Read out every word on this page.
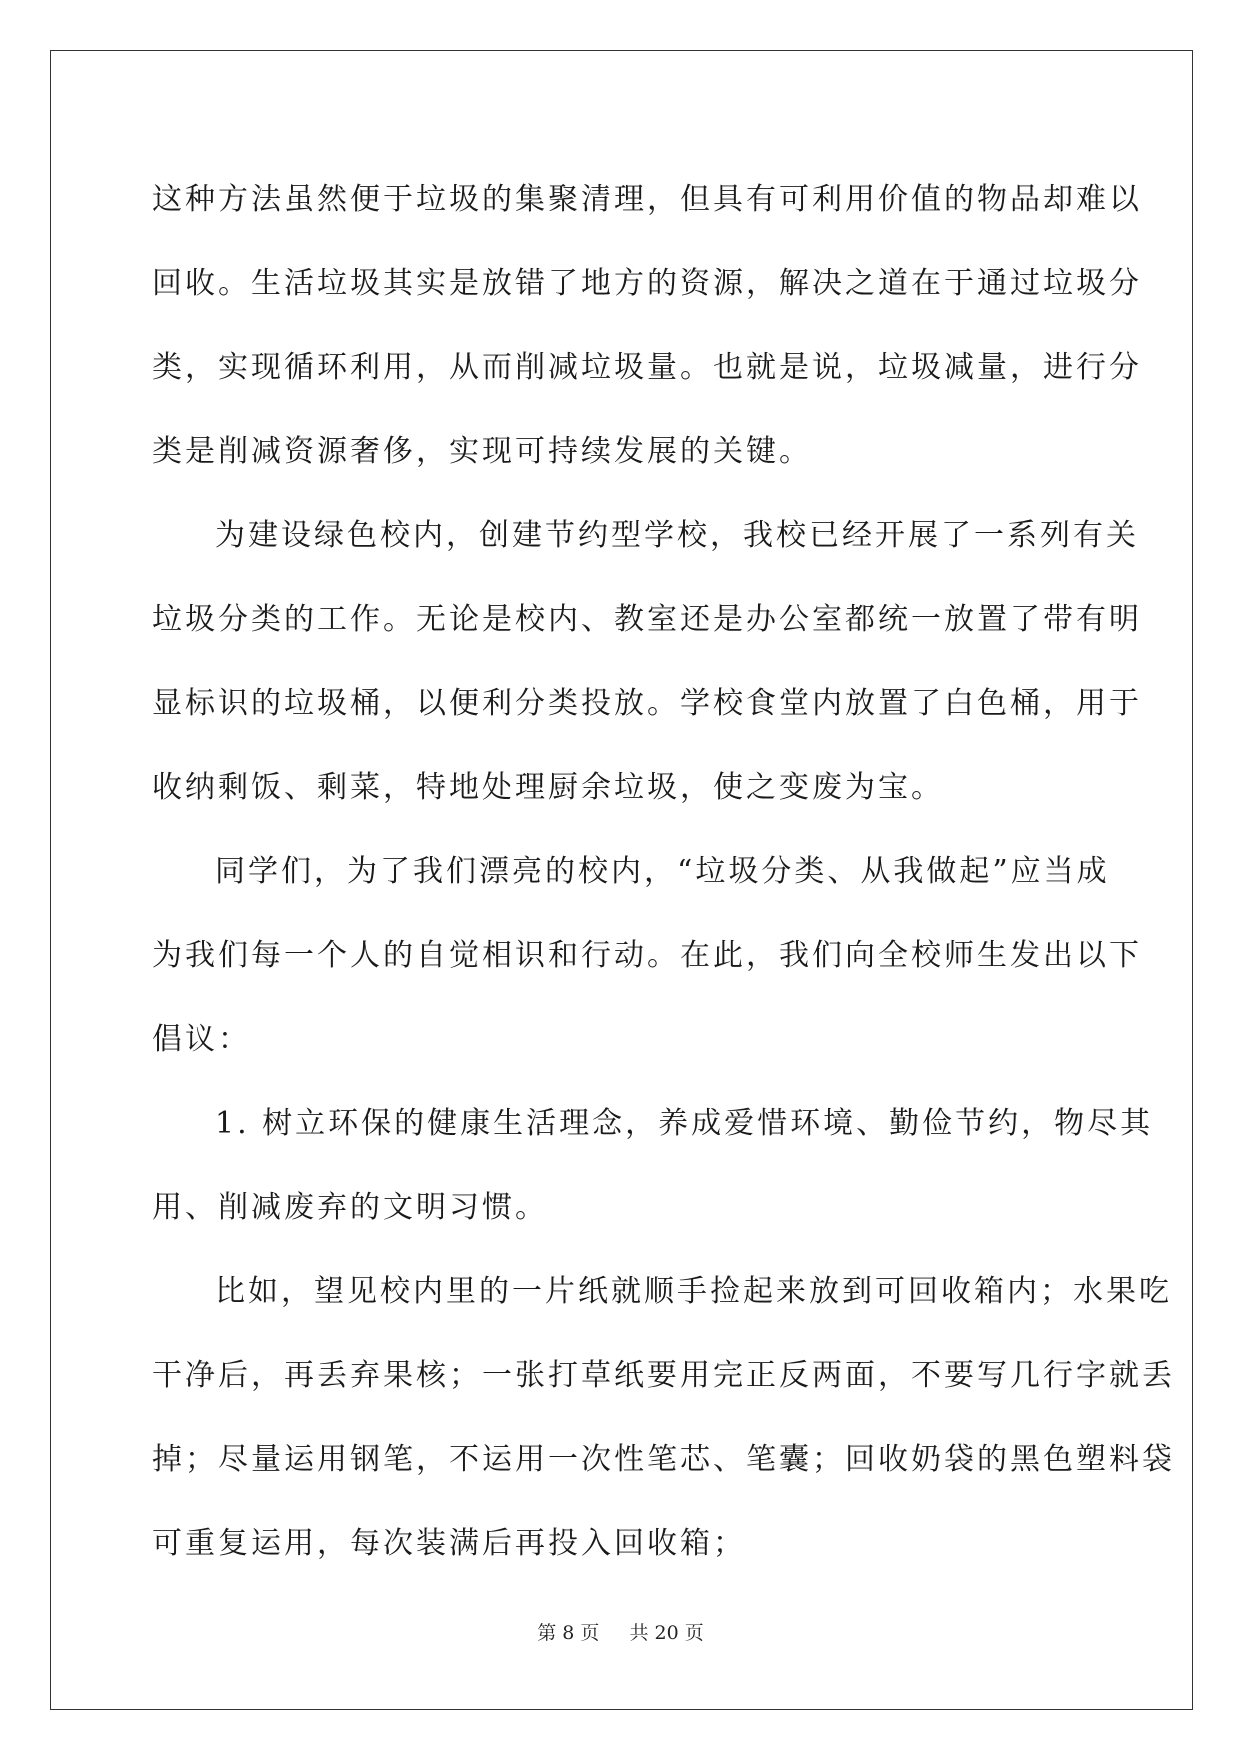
这种方法虽然便于垃圾的集聚清理，但具有可利用价值的物品却难以
回收。生活垃圾其实是放错了地方的资源，解决之道在于通过垃圾分
类，实现循环利用，从而削减垃圾量。也就是说，垃圾减量，进行分
类是削减资源奢侈，实现可持续发展的关键。
为建设绿色校内，创建节约型学校，我校已经开展了一系列有关
垃圾分类的工作。无论是校内、教室还是办公室都统一放置了带有明
显标识的垃圾桶，以便利分类投放。学校食堂内放置了白色桶，用于
收纳剩饭、剩菜，特地处理厨余垃圾，使之变废为宝。
同学们，为了我们漂亮的校内，“垃圾分类、从我做起”应当成
为我们每一个人的自觉相识和行动。在此，我们向全校师生发出以下
倡议：
1. 树立环保的健康生活理念，养成爱惜环境、勤俭节约，物尽其
用、削减废弃的文明习惯。
比如，望见校内里的一片纸就顺手捡起来放到可回收箱内；水果吃
干净后，再丢弃果核；一张打草纸要用完正反两面，不要写几行字就丢
掉；尽量运用钢笔，不运用一次性笔芯、笔囊；回收奶袋的黑色塑料袋
可重复运用，每次装满后再投入回收箱；
第 8 页 共 20 页
